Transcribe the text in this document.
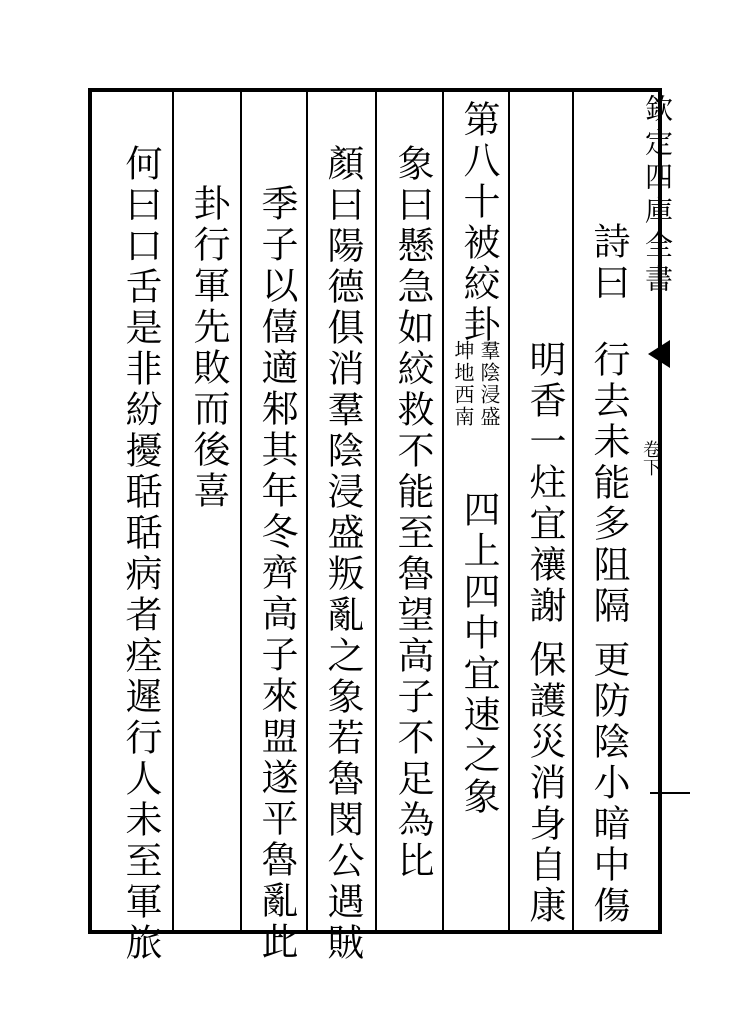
欽定四庫全書
卷下
詩曰
行去未能多阻隔
更防陰小暗中傷
明香一炷宜禳謝
保護災消身自康
第八十被絞卦
羣陰浸盛
坤地西南
四上四中宜速之象
象曰懸急如絞救不能至魯望高子不足為比
顏曰陽德俱消羣陰浸盛叛亂之象若魯閔公遇賊
季子以僖適邾其年冬齊高子來盟遂平魯亂此
卦行軍先敗而後喜
何曰口舌是非紛擾聒聒病者痊遲行人未至軍旅
